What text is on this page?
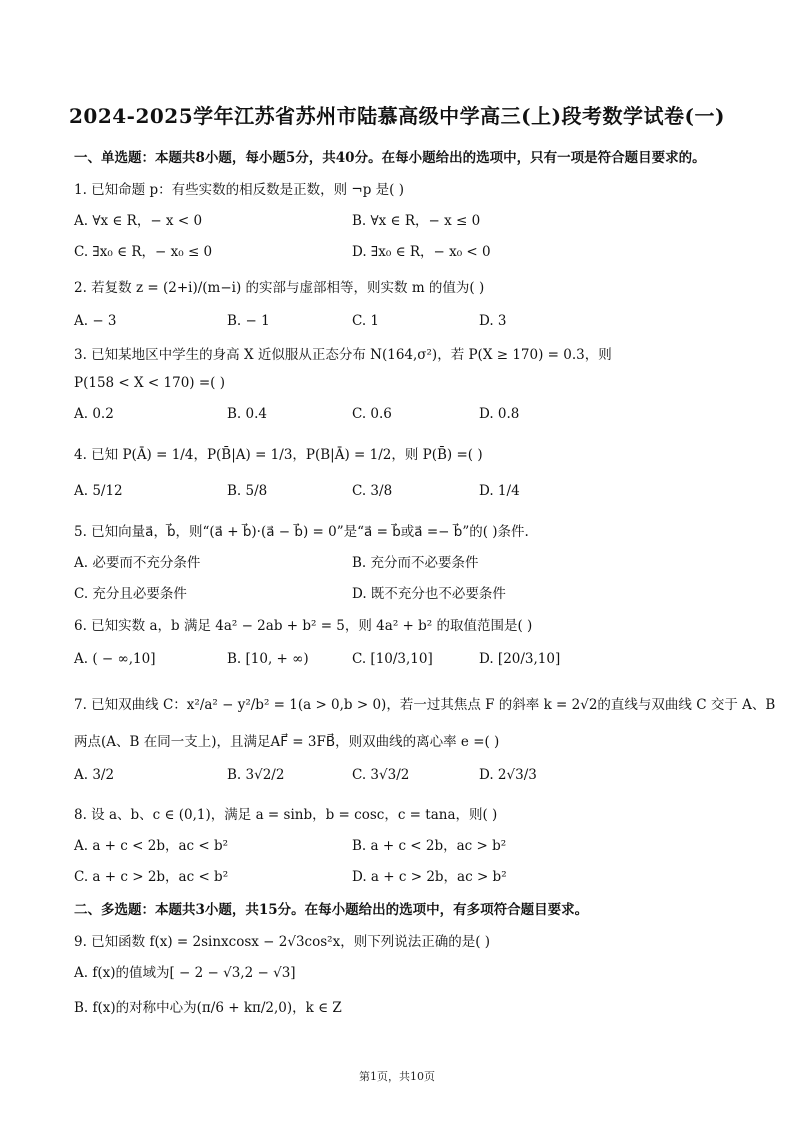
2024-2025学年江苏省苏州市陆慕高级中学高三(上)段考数学试卷(一)
一、单选题：本题共8小题，每小题5分，共40分。在每小题给出的选项中，只有一项是符合题目要求的。
1. 已知命题 p：有些实数的相反数是正数，则 ¬p 是( )
A. ∀x ∈ R，− x < 0	B. ∀x ∈ R，− x ≤ 0
C. ∃x₀ ∈ R，− x₀ ≤ 0	D. ∃x₀ ∈ R，− x₀ < 0
2. 若复数 z = (2+i)/(m−i) 的实部与虚部相等，则实数 m 的值为( )
A. − 3	B. − 1	C. 1	D. 3
3. 已知某地区中学生的身高 X 近似服从正态分布 N(164,σ²)，若 P(X ≥ 170) = 0.3，则
P(158 < X < 170) =( )
A. 0.2	B. 0.4	C. 0.6	D. 0.8
4. 已知 P(Ā) = 1/4，P(B̄|A) = 1/3，P(B|Ā) = 1/2，则 P(B̄) =( )
A. 5/12	B. 5/8	C. 3/8	D. 1/4
5. 已知向量a⃗，b⃗，则“(a⃗ + b⃗)·(a⃗ − b⃗) = 0”是“a⃗ = b⃗或a⃗ =− b⃗”的( )条件.
A. 必要而不充分条件	B. 充分而不必要条件
C. 充分且必要条件	D. 既不充分也不必要条件
6. 已知实数 a，b 满足 4a² − 2ab + b² = 5，则 4a² + b² 的取值范围是( )
A. ( − ∞,10]	B. [10, + ∞)	C. [10/3,10]	D. [20/3,10]
7. 已知双曲线 C：x²/a² − y²/b² = 1(a > 0,b > 0)，若一过其焦点 F 的斜率 k = 2√2的直线与双曲线 C 交于 A、B
两点(A、B 在同一支上)，且满足AF⃗ = 3FB⃗，则双曲线的离心率 e =( )
A. 3/2	B. 3√2/2	C. 3√3/2	D. 2√3/3
8. 设 a、b、c ∈ (0,1)，满足 a = sinb，b = cosc，c = tana，则( )
A. a + c < 2b，ac < b²	B. a + c < 2b，ac > b²
C. a + c > 2b，ac < b²	D. a + c > 2b，ac > b²
二、多选题：本题共3小题，共15分。在每小题给出的选项中，有多项符合题目要求。
9. 已知函数 f(x) = 2sinxcosx − 2√3cos²x，则下列说法正确的是( )
A. f(x)的值域为[ − 2 − √3,2 − √3]
B. f(x)的对称中心为(π/6 + kπ/2,0)，k ∈ Z
第1页，共10页
